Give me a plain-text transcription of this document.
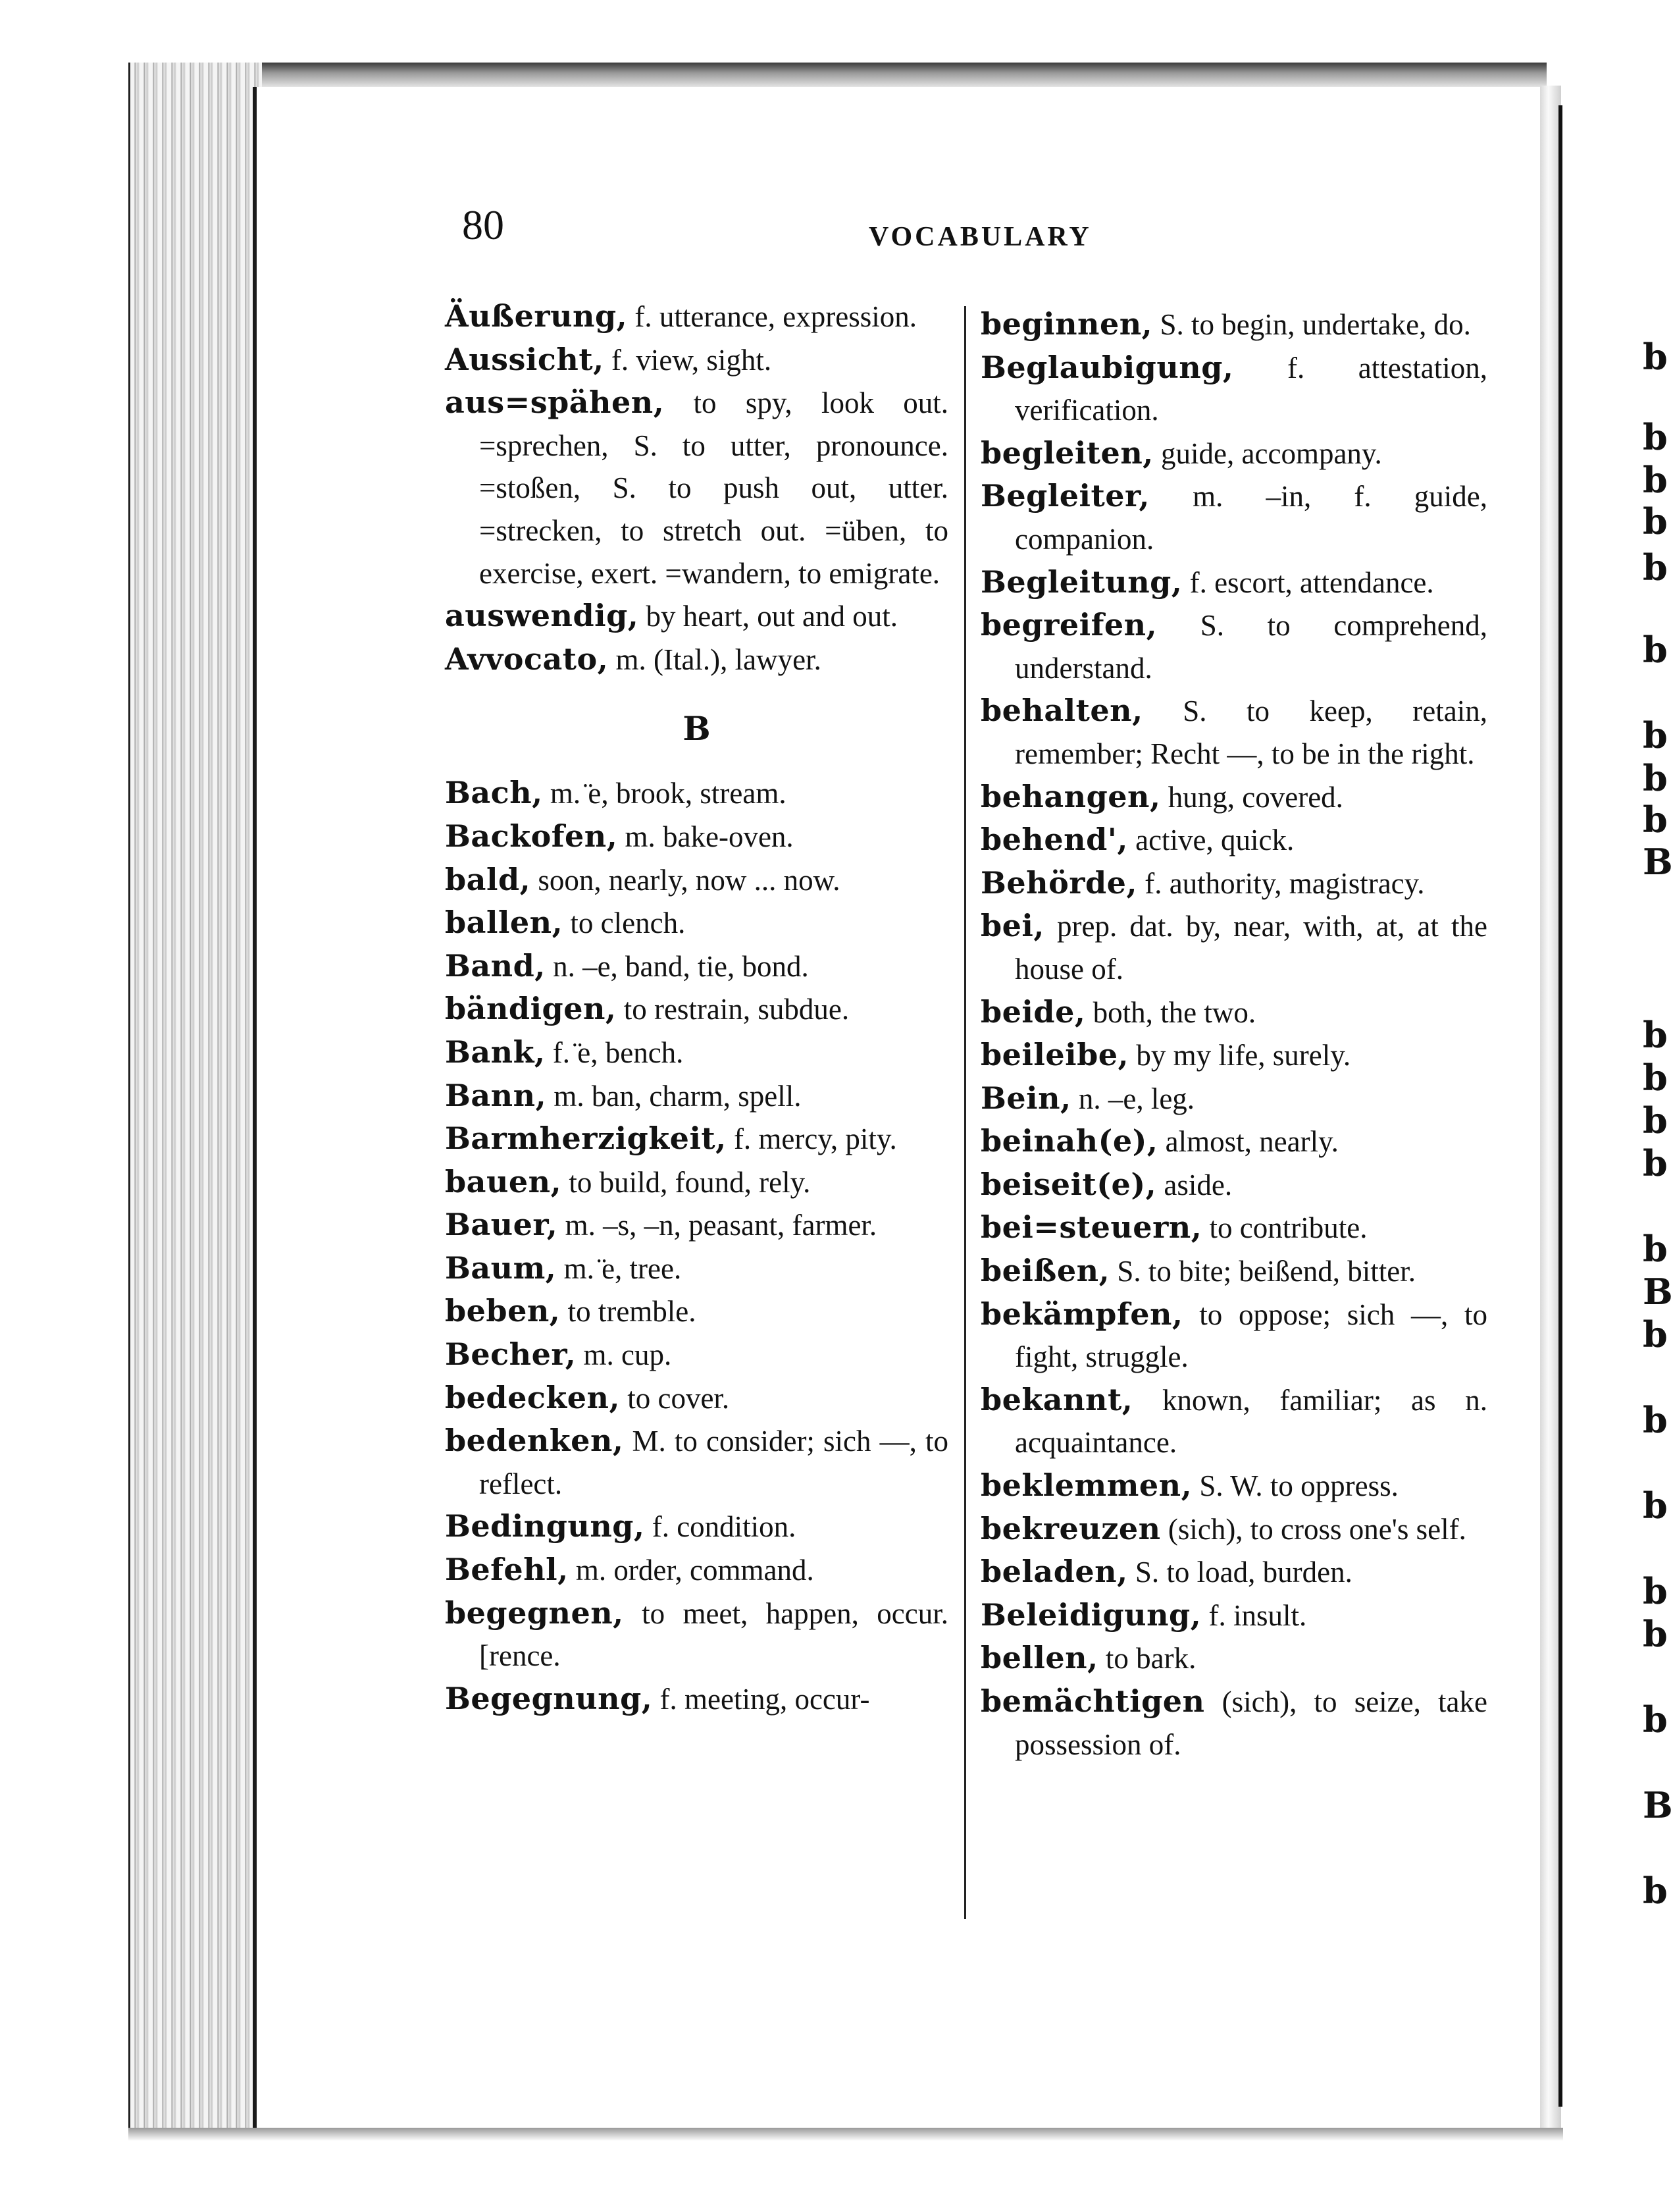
b
b
b
b
b
b
b
b
b
B
b
b
b
b
b
B
b
b
b
b
b
b
B
b
80	VOCABULARY
Äußerung, f. utterance, expression.
Aussicht, f. view, sight.
aus=spähen, to spy, look out. =sprechen, S. to utter, pronounce. =stoßen, S. to push out, utter. =strecken, to stretch out. =üben, to exercise, exert. =wandern, to emigrate.
auswendig, by heart, out and out.
Avvocato, m. (Ital.), lawyer.
B
Bach, m. ̈e, brook, stream.
Backofen, m. bake-oven.
bald, soon, nearly, now ... now.
ballen, to clench.
Band, n. –e, band, tie, bond.
bändigen, to restrain, subdue.
Bank, f. ̈e, bench.
Bann, m. ban, charm, spell.
Barmherzigkeit, f. mercy, pity.
bauen, to build, found, rely.
Bauer, m. –s, –n, peasant, farmer.
Baum, m. ̈e, tree.
beben, to tremble.
Becher, m. cup.
bedecken, to cover.
bedenken, M. to consider; sich —, to reflect.
Bedingung, f. condition.
Befehl, m. order, command.
begegnen, to meet, happen, occur. [rence.
Begegnung, f. meeting, occur-
beginnen, S. to begin, undertake, do.
Beglaubigung, f. attestation, verification.
begleiten, guide, accompany.
Begleiter, m. –in, f. guide, companion.
Begleitung, f. escort, attendance.
begreifen, S. to comprehend, understand.
behalten, S. to keep, retain, remember; Recht —, to be in the right.
behangen, hung, covered.
behend', active, quick.
Behörde, f. authority, magistracy.
bei, prep. dat. by, near, with, at, at the house of.
beide, both, the two.
beileibe, by my life, surely.
Bein, n. –e, leg.
beinah(e), almost, nearly.
beiseit(e), aside.
bei=steuern, to contribute.
beißen, S. to bite; beißend, bitter.
bekämpfen, to oppose; sich —, to fight, struggle.
bekannt, known, familiar; as n. acquaintance.
beklemmen, S. W. to oppress.
bekreuzen (sich), to cross one's self.
beladen, S. to load, burden.
Beleidigung, f. insult.
bellen, to bark.
bemächtigen (sich), to seize, take possession of.
